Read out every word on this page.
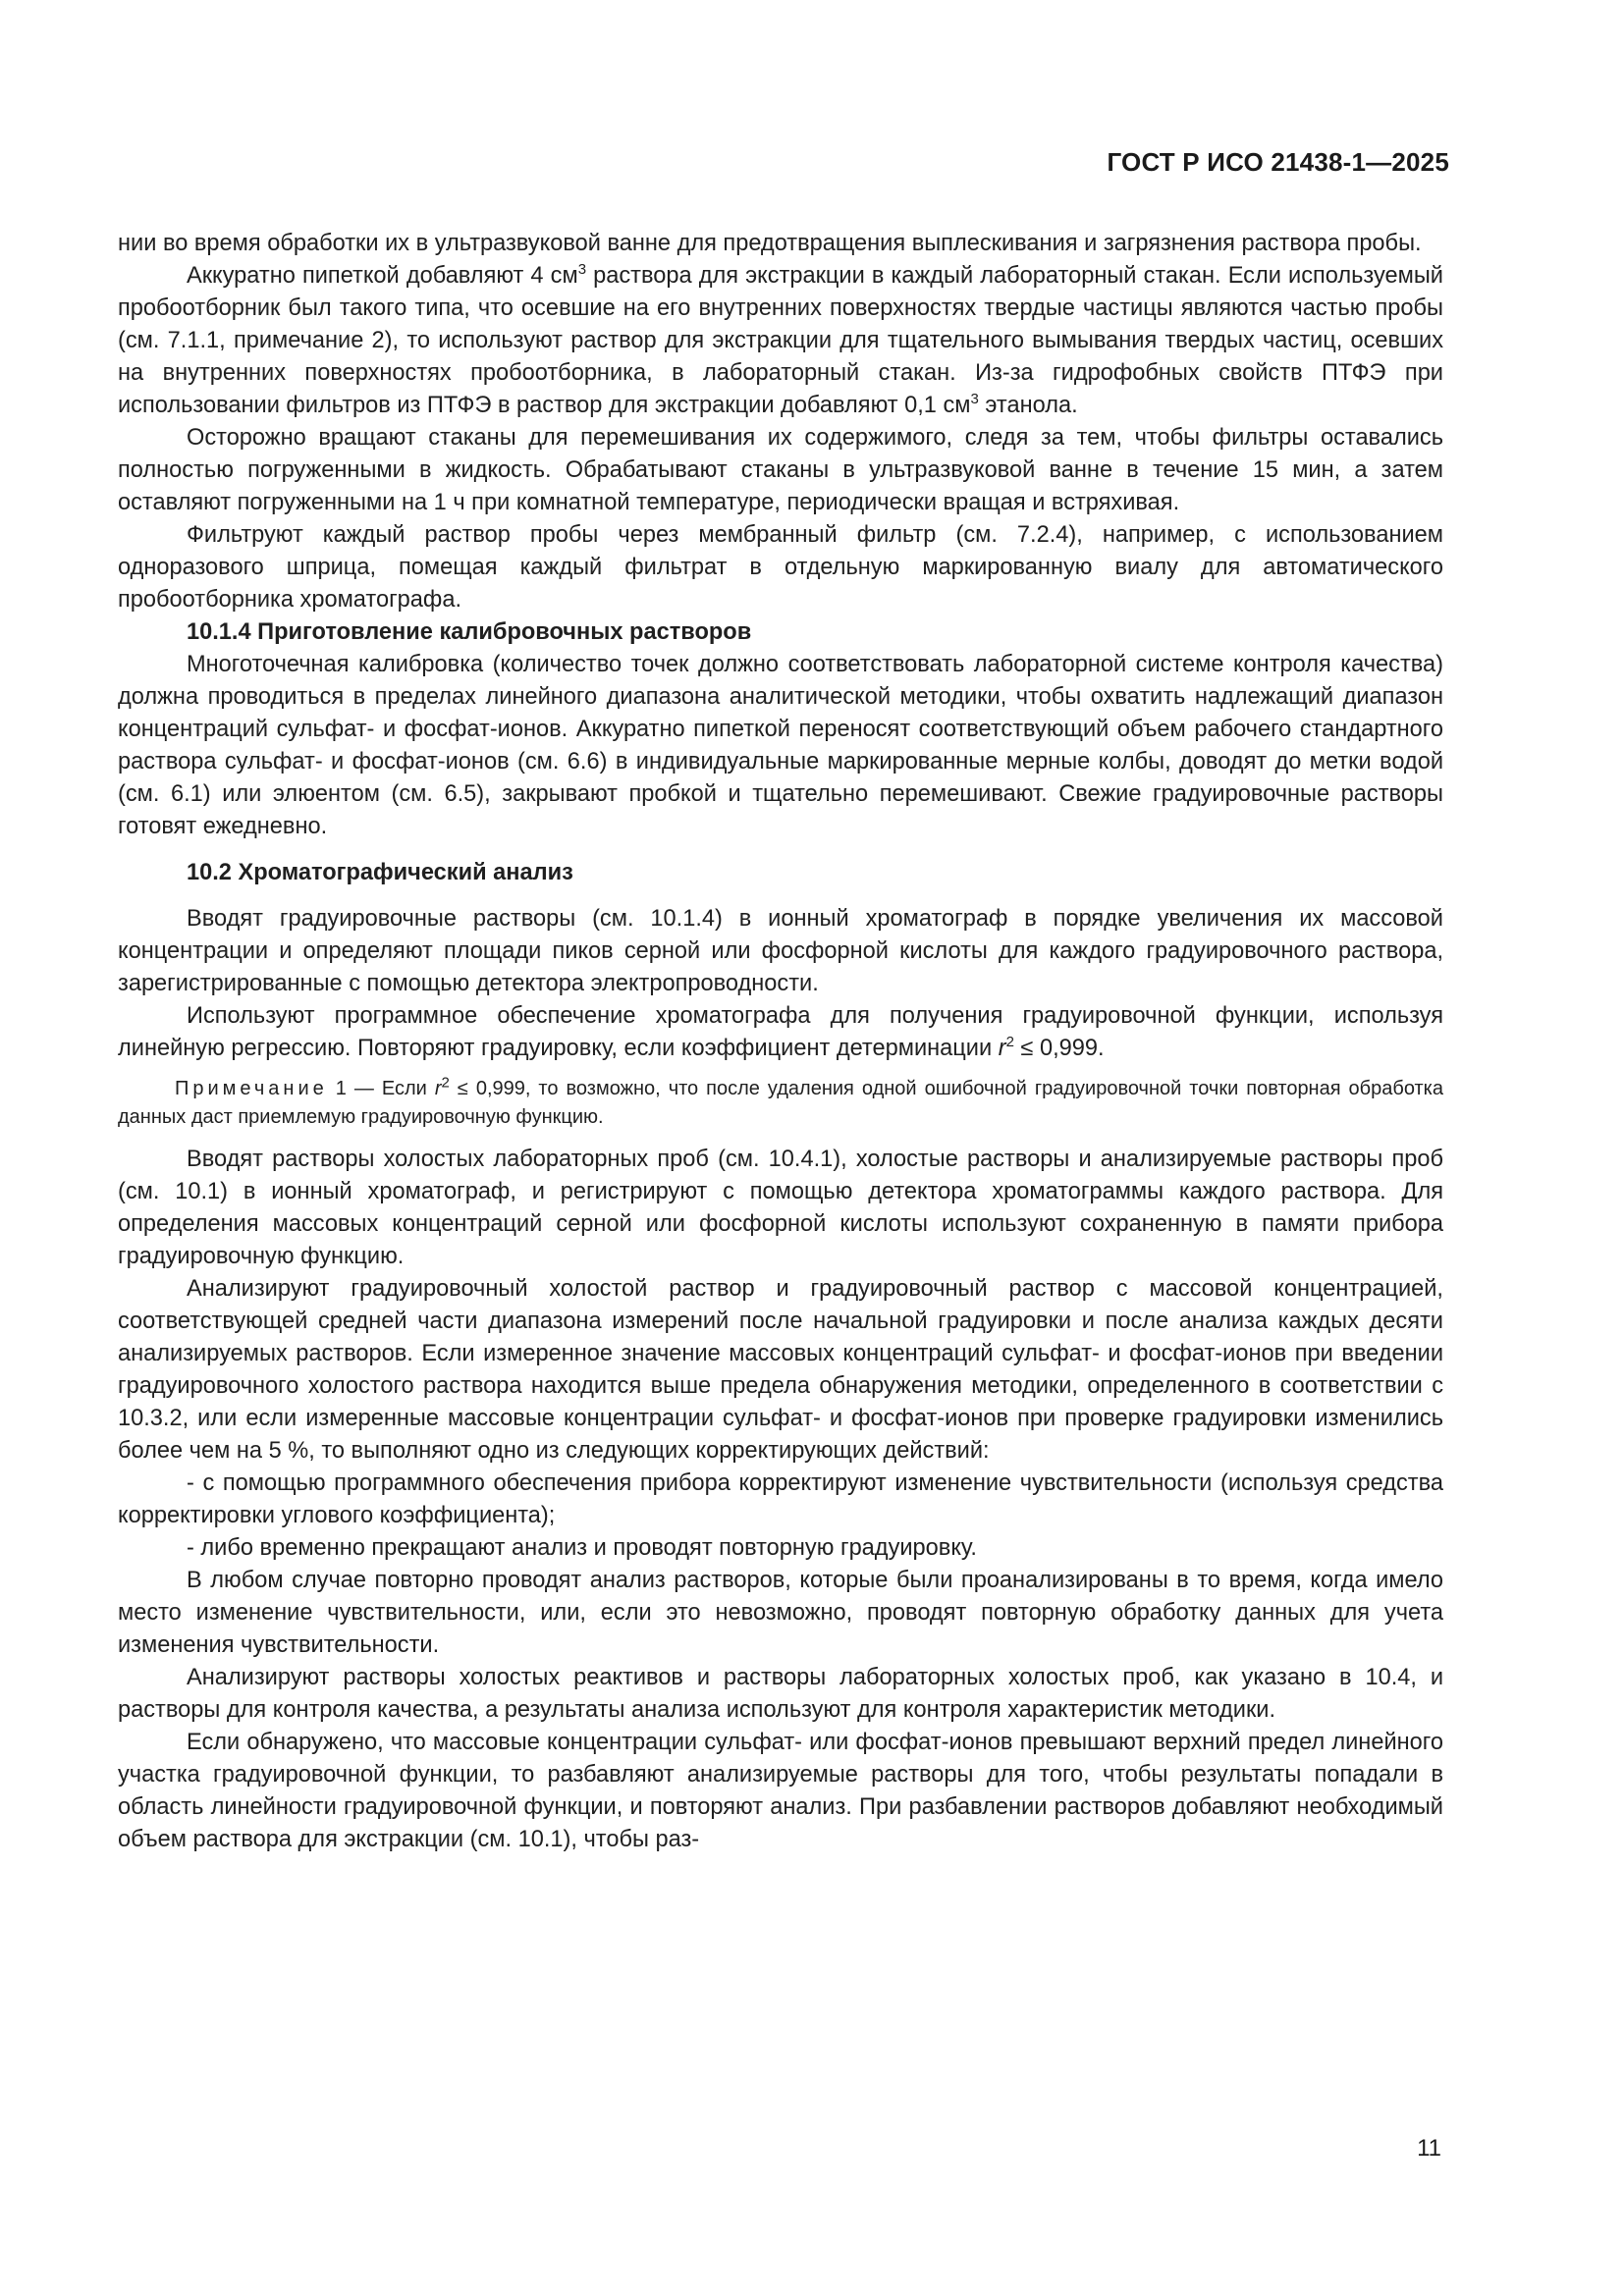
ГОСТ Р ИСО 21438-1—2025

нии во время обработки их в ультразвуковой ванне для предотвращения выплескивания и загрязнения раствора пробы.

Аккуратно пипеткой добавляют 4 $см^3$ раствора для экстракции в каждый лабораторный стакан. Если используемый пробоотборник был такого типа, что осевшие на его внутренних поверхностях твердые частицы являются частью пробы (см. 7.1.1, примечание 2), то используют раствор для экстракции для тщательного вымывания твердых частиц, осевших на внутренних поверхностях пробоотборника, в лабораторный стакан. Из-за гидрофобных свойств ПТФЭ при использовании фильтров из ПТФЭ в раствор для экстракции добавляют 0,1 $см^3$ этанола.

Осторожно вращают стаканы для перемешивания их содержимого, следя за тем, чтобы фильтры оставались полностью погруженными в жидкость. Обрабатывают стаканы в ультразвуковой ванне в течение 15 мин, а затем оставляют погруженными на 1 ч при комнатной температуре, периодически вращая и встряхивая.

Фильтруют каждый раствор пробы через мембранный фильтр (см. 7.2.4), например, с использованием одноразового шприца, помещая каждый фильтрат в отдельную маркированную виалу для автоматического пробоотборника хроматографа.

10.1.4 Приготовление калибровочных растворов

Многоточечная калибровка (количество точек должно соответствовать лабораторной системе контроля качества) должна проводиться в пределах линейного диапазона аналитической методики, чтобы охватить надлежащий диапазон концентраций сульфат- и фосфат-ионов. Аккуратно пипеткой переносят соответствующий объем рабочего стандартного раствора сульфат- и фосфат-ионов (см. 6.6) в индивидуальные маркированные мерные колбы, доводят до метки водой (см. 6.1) или элюентом (см. 6.5), закрывают пробкой и тщательно перемешивают. Свежие градуировочные растворы готовят ежедневно.

10.2 Хроматографический анализ

Вводят градуировочные растворы (см. 10.1.4) в ионный хроматограф в порядке увеличения их массовой концентрации и определяют площади пиков серной или фосфорной кислоты для каждого градуировочного раствора, зарегистрированные с помощью детектора электропроводности.

Используют программное обеспечение хроматографа для получения градуировочной функции, используя линейную регрессию. Повторяют градуировку, если коэффициент детерминации $r^2 \le 0,999$.

Примечание 1 — Если $r^2 \le 0,999$, то возможно, что после удаления одной ошибочной градуировочной точки повторная обработка данных даст приемлемую градуировочную функцию.

Вводят растворы холостых лабораторных проб (см. 10.4.1), холостые растворы и анализируемые растворы проб (см. 10.1) в ионный хроматограф, и регистрируют с помощью детектора хроматограммы каждого раствора. Для определения массовых концентраций серной или фосфорной кислоты используют сохраненную в памяти прибора градуировочную функцию.

Анализируют градуировочный холостой раствор и градуировочный раствор с массовой концентрацией, соответствующей средней части диапазона измерений после начальной градуировки и после анализа каждых десяти анализируемых растворов. Если измеренное значение массовых концентраций сульфат- и фосфат-ионов при введении градуировочного холостого раствора находится выше предела обнаружения методики, определенного в соответствии с 10.3.2, или если измеренные массовые концентрации сульфат- и фосфат-ионов при проверке градуировки изменились более чем на 5 %, то выполняют одно из следующих корректирующих действий:

- с помощью программного обеспечения прибора корректируют изменение чувствительности (используя средства корректировки углового коэффициента);

- либо временно прекращают анализ и проводят повторную градуировку.

В любом случае повторно проводят анализ растворов, которые были проанализированы в то время, когда имело место изменение чувствительности, или, если это невозможно, проводят повторную обработку данных для учета изменения чувствительности.

Анализируют растворы холостых реактивов и растворы лабораторных холостых проб, как указано в 10.4, и растворы для контроля качества, а результаты анализа используют для контроля характеристик методики.

Если обнаружено, что массовые концентрации сульфат- или фосфат-ионов превышают верхний предел линейного участка градуировочной функции, то разбавляют анализируемые растворы для того, чтобы результаты попадали в область линейности градуировочной функции, и повторяют анализ. При разбавлении растворов добавляют необходимый объем раствора для экстракции (см. 10.1), чтобы раз-

11
